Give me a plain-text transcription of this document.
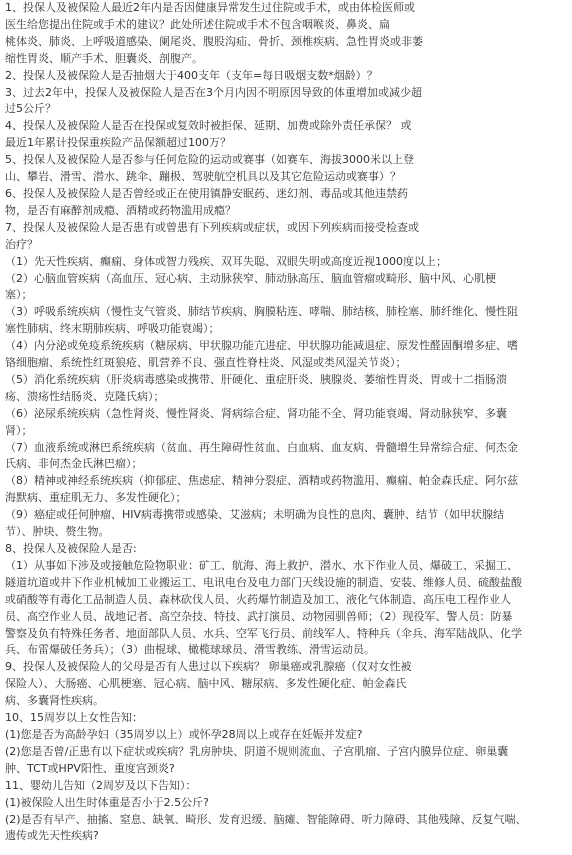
1、投保人及被保险人最近2年内是否因健康异常发生过住院或手术，或由体检医师或
医生给您提出住院或手术的建议？此处所述住院或手术不包含咽喉炎、鼻炎、扁
桃体炎、肺炎、上呼吸道感染、阑尾炎、腹股沟疝、骨折、颈椎疾病、急性胃炎或非萎
缩性胃炎、顺产手术、胆囊炎、剖腹产。

2、投保人及被保险人是否抽烟大于400支年（支年=每日吸烟支数*烟龄）？

3、过去2年中，投保人及被保险人是否在3个月内因不明原因导致的体重增加或减少超
过5公斤？

4、投保人及被保险人是否在投保或复效时被拒保、延期、加费或除外责任承保？ 或
最近1年累计投保重疾险产品保额超过100万？

5、投保人及被保险人是否参与任何危险的运动或赛事（如赛车、海拔3000米以上登
山、攀岩、滑雪、潜水、跳伞、蹦极、驾驶航空机具以及其它危险运动或赛事）？

6、投保人及被保险人是否曾经或正在使用镇静安眠药、迷幻剂、毒品或其他违禁药
物，是否有麻醉剂成瘾、酒精或药物滥用成瘾？

7、投保人及被保险人是否患有或曾患有下列疾病或症状，或因下列疾病而接受检查或
治疗？

（1）先天性疾病、癫痫、身体或智力残疾、双耳失聪、双眼失明或高度近视1000度以上；

（2）心脑血管疾病（高血压、冠心病、主动脉狭窄、肺动脉高压、脑血管瘤或畸形、脑中风、心肌梗
塞）；

（3）呼吸系统疾病（慢性支气管炎、肺结节疾病、胸膜粘连、哮喘、肺结核、肺栓塞、肺纤维化、慢性阻
塞性肺病、终末期肺疾病、呼吸功能衰竭）；

（4）内分泌或免疫系统疾病（糖尿病、甲状腺功能亢进症、甲状腺功能减退症、原发性醛固酮增多症、嗜
铬细胞瘤、系统性红斑狼疮、肌营养不良、强直性脊柱炎、风湿或类风湿关节炎）；

（5）消化系统疾病（肝炎病毒感染或携带、肝硬化、重症肝炎、胰腺炎、萎缩性胃炎、胃或十二指肠溃
疡、溃疡性结肠炎、克隆氏病）；

（6）泌尿系统疾病（急性肾炎、慢性肾炎、肾病综合症、肾功能不全、肾功能衰竭、肾动脉狭窄、多囊
肾）；

（7）血液系统或淋巴系统疾病（贫血、再生障碍性贫血、白血病、血友病、骨髓增生异常综合症、何杰金
氏病、非何杰金氏淋巴瘤）；

（8）精神或神经系统疾病（抑郁症、焦虑症、精神分裂症、酒精或药物滥用、癫痫、帕金森氏症、阿尔兹
海默病、重症肌无力、多发性硬化）；

（9）癌症或任何肿瘤、HIV病毒携带或感染、艾滋病；未明确为良性的息肉、囊肿、结节（如甲状腺结
节）、肿块、赘生物。

8、投保人及被保险人是否:

（1）从事如下涉及或接触危险物职业：矿工、航海、海上救护、潜水、水下作业人员、爆破工、采掘工、
隧道坑道或井下作业机械加工业搬运工、电讯电台及电力部门天线设施的制造、安装、维修人员、硫酸盐酸
或硝酸等有毒化工品制造人员、森林砍伐人员、火药爆竹制造及加工、液化气体制造、高压电工程作业人
员、高空作业人员、战地记者、高空杂技、特技、武打演员、动物园驯兽师；（2）现役军、警人员：防暴
警察及负有特殊任务者、地面部队人员、水兵、空军飞行员、前线军人、特种兵（伞兵、海军陆战队、化学
兵、布雷爆破任务兵）；（3）曲棍球、橄榄球球员、滑雪教练、滑雪运动员。

9、投保人及被保险人的父母是否有人患过以下疾病？ 卵巢癌或乳腺癌（仅对女性被
保险人）、大肠癌、心肌梗塞、冠心病、脑中风、糖尿病、多发性硬化症、帕金森氏
病、多囊肾性疾病。

10、15周岁以上女性告知：

(1)您是否为高龄孕妇（35周岁以上）或怀孕28周以上或存在妊娠并发症?

(2)您是否曾/正患有以下症状或疾病？乳房肿块、阴道不规则流血、子宫肌瘤、子宫内膜异位症、卵巢囊
肿、TCT或HPV阳性、重度宫颈炎?

11、婴幼儿告知（2周岁及以下告知）：

(1)被保险人出生时体重是否小于2.5公斤?

(2)是否有早产、抽搐、窒息、缺氧、畸形、发育迟缓、脑瘫、智能障碍、听力障碍、其他残障、反复气喘、
遗传或先天性疾病?
